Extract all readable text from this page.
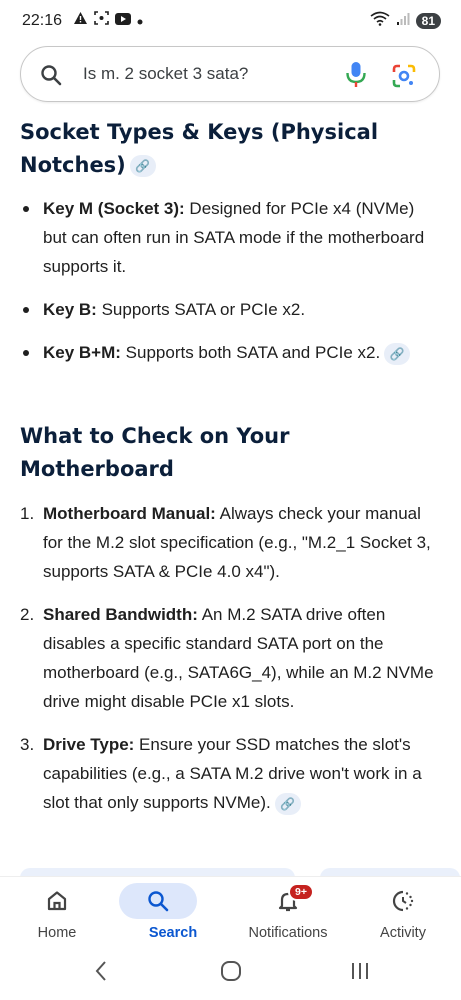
22:16	81
Is m. 2 socket 3 sata?
Socket Types & Keys (Physical Notches) 🔗
Key M (Socket 3): Designed for PCIe x4 (NVMe) but can often run in SATA mode if the motherboard supports it.
Key B: Supports SATA or PCIe x2.
Key B+M: Supports both SATA and PCIe x2. 🔗
What to Check on Your Motherboard
1. Motherboard Manual: Always check your manual for the M.2 slot specification (e.g., "M.2_1 Socket 3, supports SATA & PCIe 4.0 x4").
2. Shared Bandwidth: An M.2 SATA drive often disables a specific standard SATA port on the motherboard (e.g., SATA6G_4), while an M.2 NVMe drive might disable PCIe x1 slots.
3. Drive Type: Ensure your SSD matches the slot's capabilities (e.g., a SATA M.2 drive won't work in a slot that only supports NVMe). 🔗
Home	Search
9+
Notifications	Activity
